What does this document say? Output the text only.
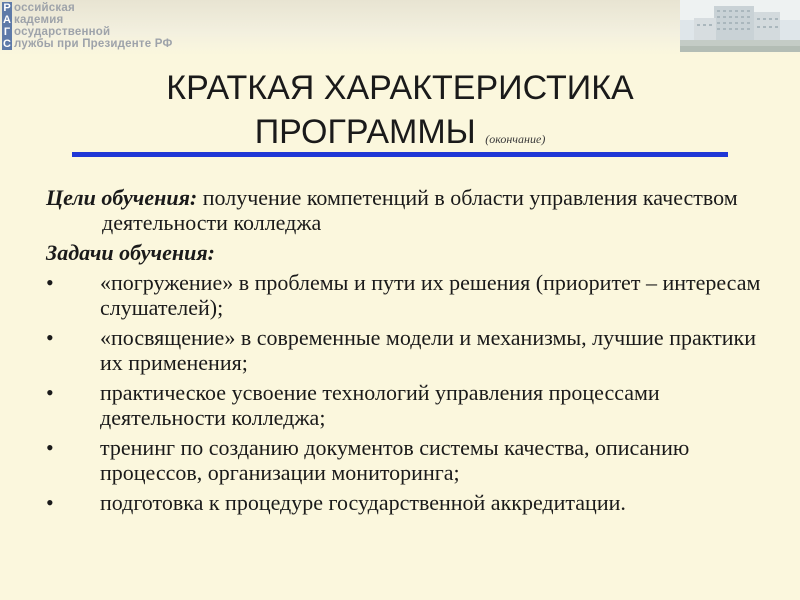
Р
А
Г
С
оссийская
кадемия
осударственной
лужбы при Президенте РФ
КРАТКАЯ ХАРАКТЕРИСТИКА
ПРОГРАММЫ (окончание)
Цели обучения: получение компетенций в области управления качеством деятельности колледжа
Задачи обучения:
• «погружение» в проблемы и пути их решения (приоритет – интересам слушателей);
• «посвящение» в современные модели и механизмы, лучшие практики их применения;
• практическое усвоение технологий управления процессами деятельности колледжа;
• тренинг по созданию документов системы качества, описанию процессов, организации мониторинга;
• подготовка к процедуре государственной аккредитации.
